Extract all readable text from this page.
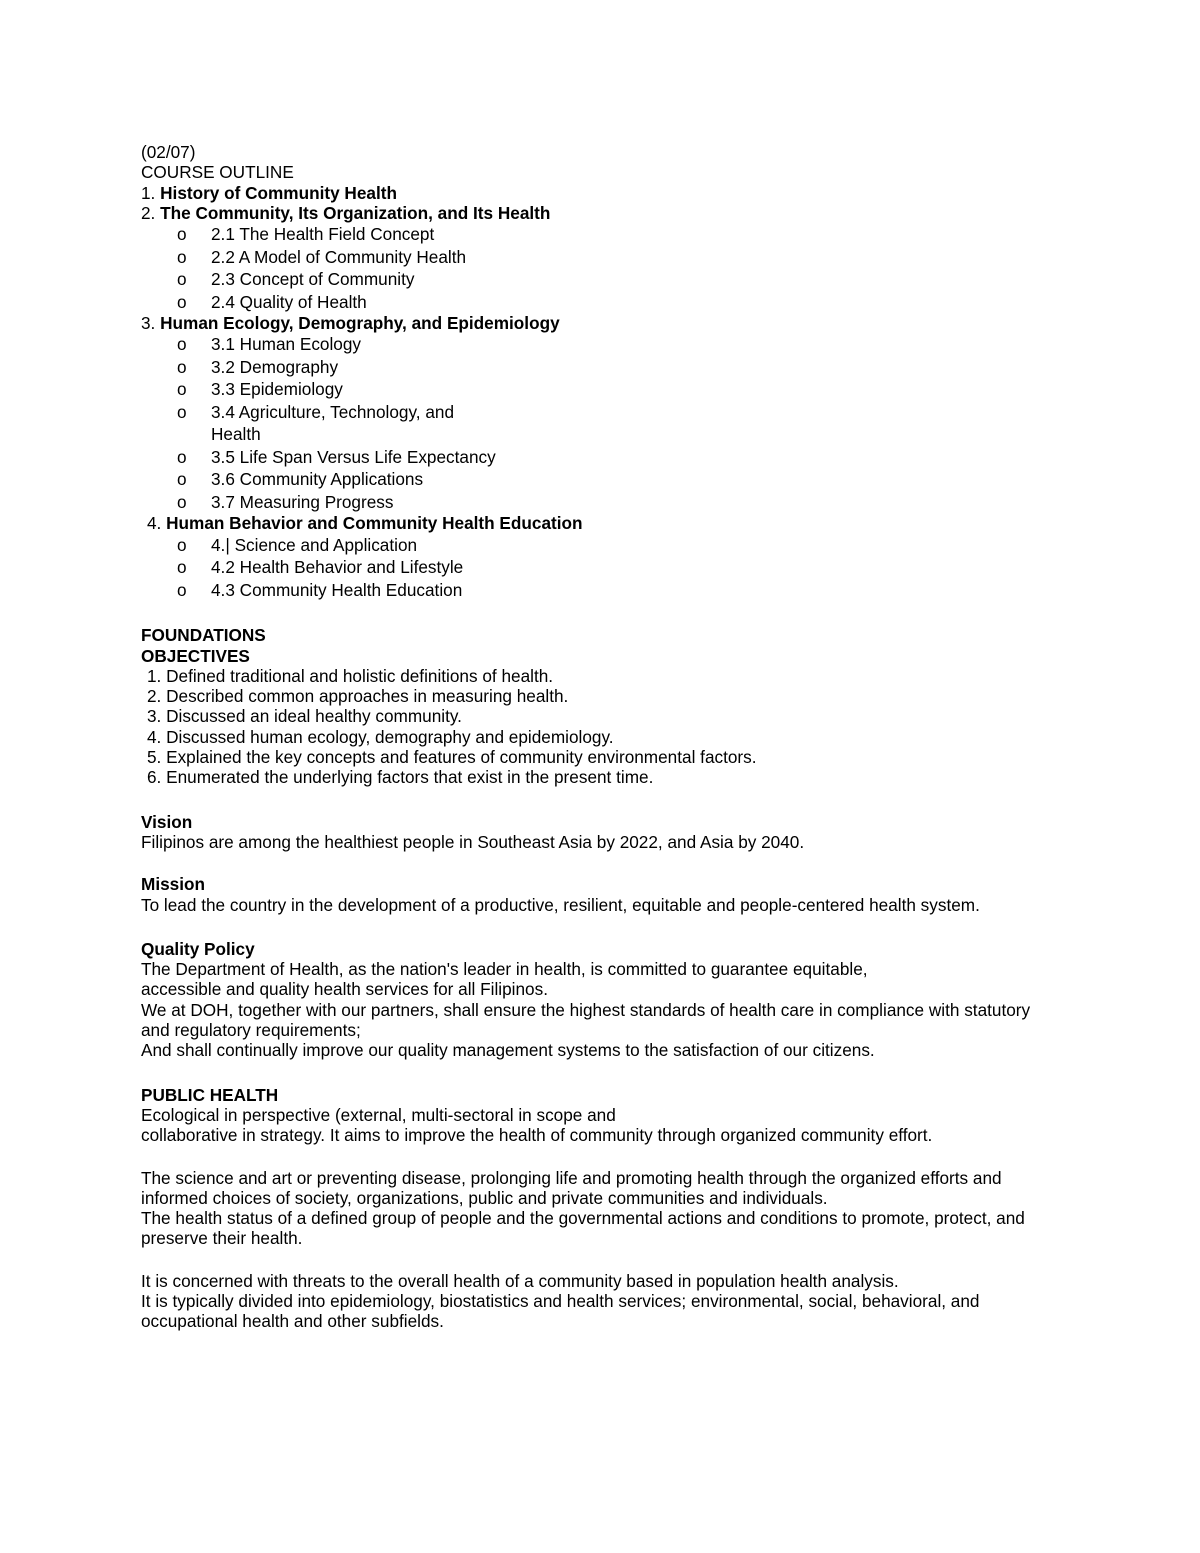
(02/07)
COURSE OUTLINE
1. History of Community Health
2. The Community, Its Organization, and Its Health
o 2.1 The Health Field Concept
o 2.2 A Model of Community Health
o 2.3 Concept of Community
o 2.4 Quality of Health
3. Human Ecology, Demography, and Epidemiology
o 3.1 Human Ecology
o 3.2 Demography
o 3.3 Epidemiology
o 3.4 Agriculture, Technology, and
Health
o 3.5 Life Span Versus Life Expectancy
o 3.6 Community Applications
o 3.7 Measuring Progress
4. Human Behavior and Community Health Education
o 4.| Science and Application
o 4.2 Health Behavior and Lifestyle
o 4.3 Community Health Education
FOUNDATIONS
OBJECTIVES
1. Defined traditional and holistic definitions of health.
2. Described common approaches in measuring health.
3. Discussed an ideal healthy community.
4. Discussed human ecology, demography and epidemiology.
5. Explained the key concepts and features of community environmental factors.
6. Enumerated the underlying factors that exist in the present time.
Vision
Filipinos are among the healthiest people in Southeast Asia by 2022, and Asia by 2040.
Mission
To lead the country in the development of a productive, resilient, equitable and people-centered health system.
Quality Policy
The Department of Health, as the nation's leader in health, is committed to guarantee equitable,
accessible and quality health services for all Filipinos.
We at DOH, together with our partners, shall ensure the highest standards of health care in compliance with statutory
and regulatory requirements;
And shall continually improve our quality management systems to the satisfaction of our citizens.
PUBLIC HEALTH
Ecological in perspective (external, multi-sectoral in scope and
collaborative in strategy. It aims to improve the health of community through organized community effort.
The science and art or preventing disease, prolonging life and promoting health through the organized efforts and
informed choices of society, organizations, public and private communities and individuals.
The health status of a defined group of people and the governmental actions and conditions to promote, protect, and
preserve their health.
It is concerned with threats to the overall health of a community based in population health analysis.
It is typically divided into epidemiology, biostatistics and health services; environmental, social, behavioral, and
occupational health and other subfields.
